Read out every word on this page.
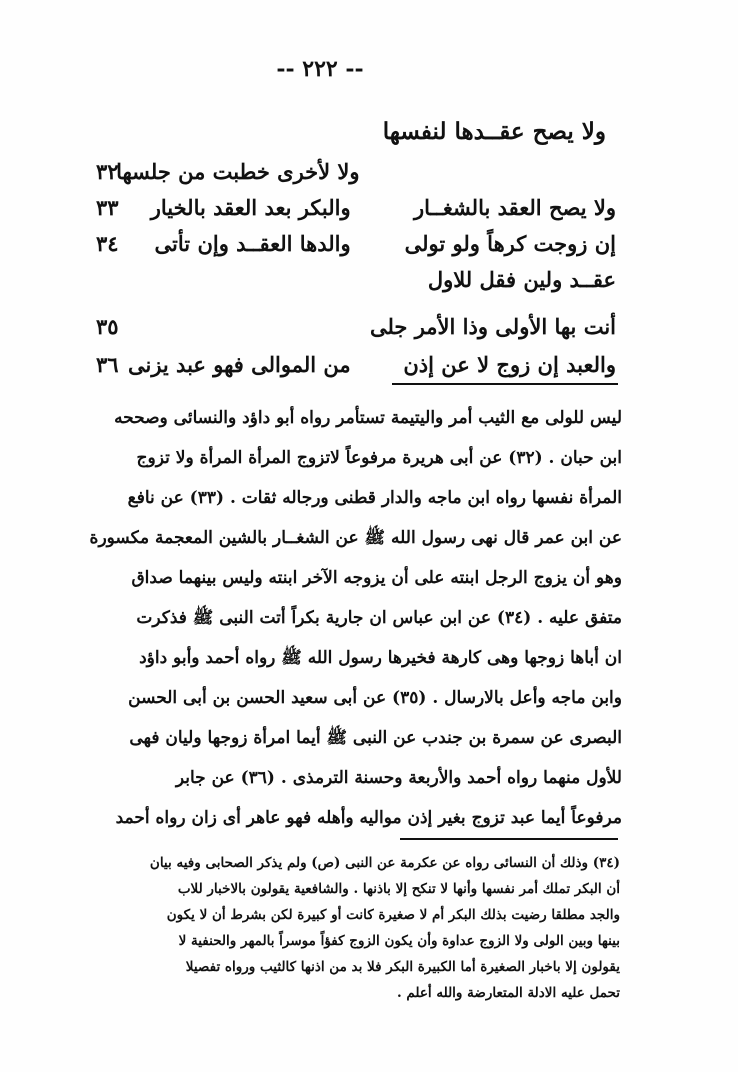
-- ٢٢٢ --
ولا يصح عقــدها لنفسها
ولا لأخرى خطبت من جلسها
٣٢
ولا يصح العقد بالشغــار
والبكر بعد العقد بالخيار
٣٣
إن زوجت كرهاً ولو تولى
والدها العقــد وإن تأتى
٣٤
عقــد ولين فقل للاول
أنت بها الأولى وذا الأمر جلى
٣٥
والعبد إن زوج لا عن إذن
من الموالى فهو عبد يزنى
٣٦
ليس للولى مع الثيب أمر واليتيمة تستأمر رواه أبو داؤد والنسائى وصححه
ابن حبان . (٣٢) عن أبى هريرة مرفوعاً لاتزوج المرأة المرأة ولا تزوج
المرأة نفسها رواه ابن ماجه والدار قطنى ورجاله ثقات . (٣٣) عن نافع
عن ابن عمر قال نهى رسول الله ﷺ عن الشغــار بالشين المعجمة مكسورة
وهو أن يزوج الرجل ابنته على أن يزوجه الآخر ابنته وليس بينهما صداق
متفق عليه . (٣٤) عن ابن عباس ان جارية بكراً أتت النبى ﷺ فذكرت
ان أباها زوجها وهى كارهة فخيرها رسول الله ﷺ رواه أحمد وأبو داؤد
وابن ماجه وأعل بالارسال . (٣٥) عن أبى سعيد الحسن بن أبى الحسن
البصرى عن سمرة بن جندب عن النبى ﷺ أيما امرأة زوجها وليان فهى
للأول منهما رواه أحمد والأربعة وحسنة الترمذى . (٣٦) عن جابر
مرفوعاً أيما عبد تزوج بغير إذن مواليه وأهله فهو عاهر أى زان رواه أحمد
(٣٤) وذلك أن النسائى رواه عن عكرمة عن النبى (ص) ولم يذكر الصحابى وفيه بيان
أن البكر تملك أمر نفسها وأنها لا تنكح إلا باذنها . والشافعية يقولون بالاخبار للاب
والجد مطلقا رضيت بذلك البكر أم لا صغيرة كانت أو كبيرة لكن بشرط أن لا يكون
بينها وبين الولى ولا الزوج عداوة وأن يكون الزوج كفؤاً موسراً بالمهر والحنفية لا
يقولون إلا باخبار الصغيرة أما الكبيرة البكر فلا بد من اذنها كالثيب ورواه تفصيلا
تحمل عليه الادلة المتعارضة والله أعلم .
